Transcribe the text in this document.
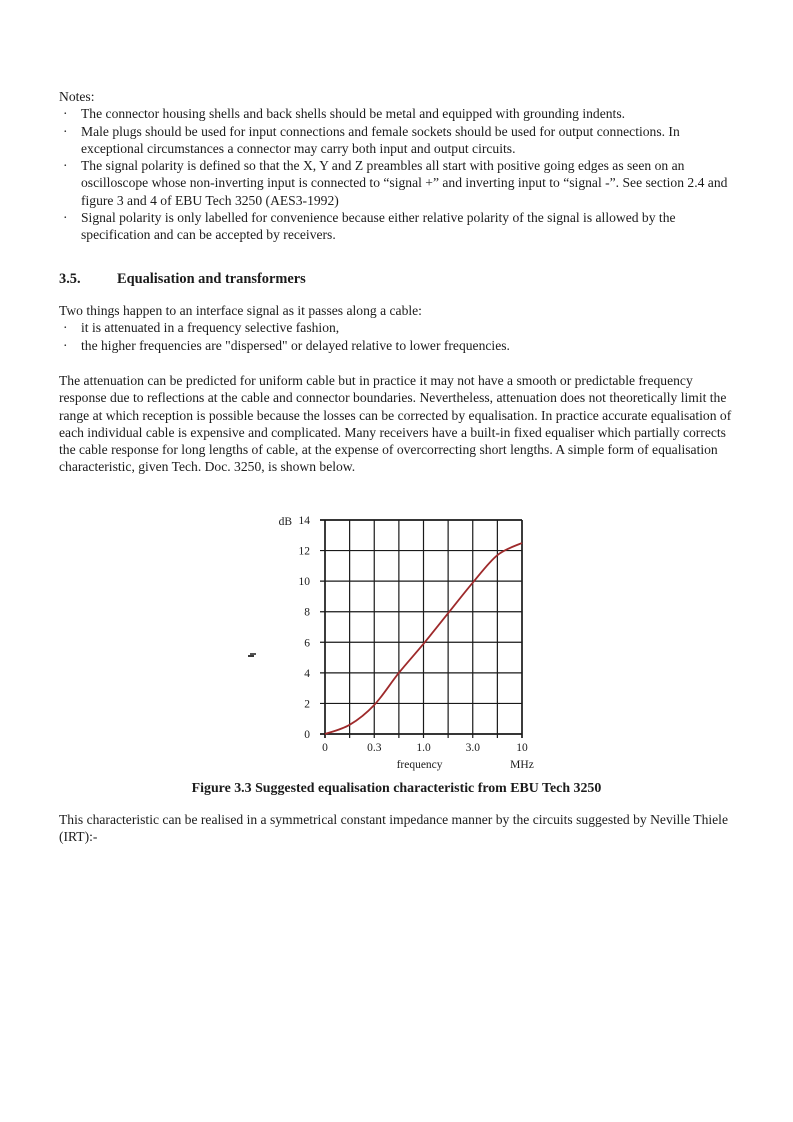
Notes:

· The connector housing shells and back shells should be metal and equipped with grounding indents.
· Male plugs should be used for input connections and female sockets should be used for output connections. In exceptional circumstances a connector may carry both input and output circuits.
· The signal polarity is defined so that the X, Y and Z preambles all start with positive going edges as seen on an oscilloscope whose non-inverting input is connected to “signal +” and inverting input to “signal -”. See section 2.4 and figure 3 and 4 of EBU Tech 3250 (AES3-1992)
· Signal polarity is only labelled for convenience because either relative polarity of the signal is allowed by the specification and can be accepted by receivers.
3.5.	Equalisation and transformers

Two things happen to an interface signal as it passes along a cable:

· it is attenuated in a frequency selective fashion,
· the higher frequencies are "dispersed" or delayed relative to lower frequencies.

The attenuation can be predicted for uniform cable but in practice it may not have a smooth or predictable frequency response due to reflections at the cable and connector boundaries. Nevertheless, attenuation does not theoretically limit the range at which reception is possible because the losses can be corrected by equalisation. In practice accurate equalisation of each individual cable is expensive and complicated. Many receivers have a built-in fixed equaliser which partially corrects the cable response for long lengths of cable, at the expense of overcorrecting short lengths. A simple form of equalisation characteristic, given Tech. Doc. 3250, is shown below.

14
12
10
8
6
4
2
0
dB
0	0.3	1.0	3.0	10
frequency	MHz

Figure 3.3 Suggested equalisation characteristic from EBU Tech 3250

This characteristic can be realised in a symmetrical constant impedance manner by the circuits suggested by Neville Thiele (IRT):-
